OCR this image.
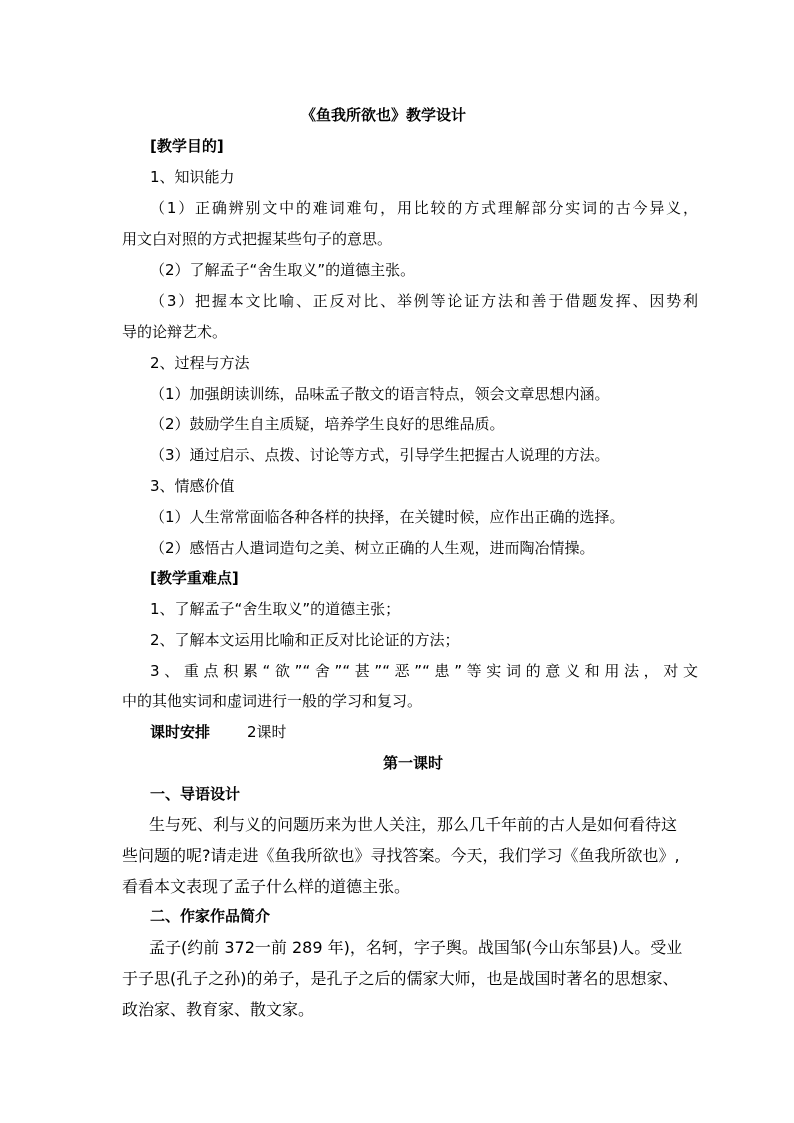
《鱼我所欲也》教学设计
[教学目的]
1、知识能力
（1）正确辨别文中的难词难句，用比较的方式理解部分实词的古今异义，
用文白对照的方式把握某些句子的意思。
（2）了解孟子“舍生取义”的道德主张。
（3）把握本文比喻、正反对比、举例等论证方法和善于借题发挥、因势利
导的论辩艺术。
2、过程与方法
（1）加强朗读训练，品味孟子散文的语言特点，领会文章思想内涵。
（2）鼓励学生自主质疑，培养学生良好的思维品质。
（3）通过启示、点拨、讨论等方式，引导学生把握古人说理的方法。
3、情感价值
（1）人生常常面临各种各样的抉择，在关键时候，应作出正确的选择。
（2）感悟古人遣词造句之美、树立正确的人生观，进而陶冶情操。
[教学重难点]
1、了解孟子“舍生取义”的道德主张；
2、了解本文运用比喻和正反对比论证的方法；
3、重点积累“欲”“舍”“甚”“恶”“患”等实词的意义和用法，对文
中的其他实词和虚词进行一般的学习和复习。
课时安排 2课时
第一课时
一、导语设计
生与死、利与义的问题历来为世人关注，那么几千年前的古人是如何看待这
些问题的呢?请走进《鱼我所欲也》寻找答案。今天，我们学习《鱼我所欲也》,
看看本文表现了孟子什么样的道德主张。
二、作家作品简介
孟子(约前 372一前 289 年)，名轲，字子舆。战国邹(今山东邹县)人。受业
于子思(孔子之孙)的弟子，是孔子之后的儒家大师，也是战国时著名的思想家、
政治家、教育家、散文家。
